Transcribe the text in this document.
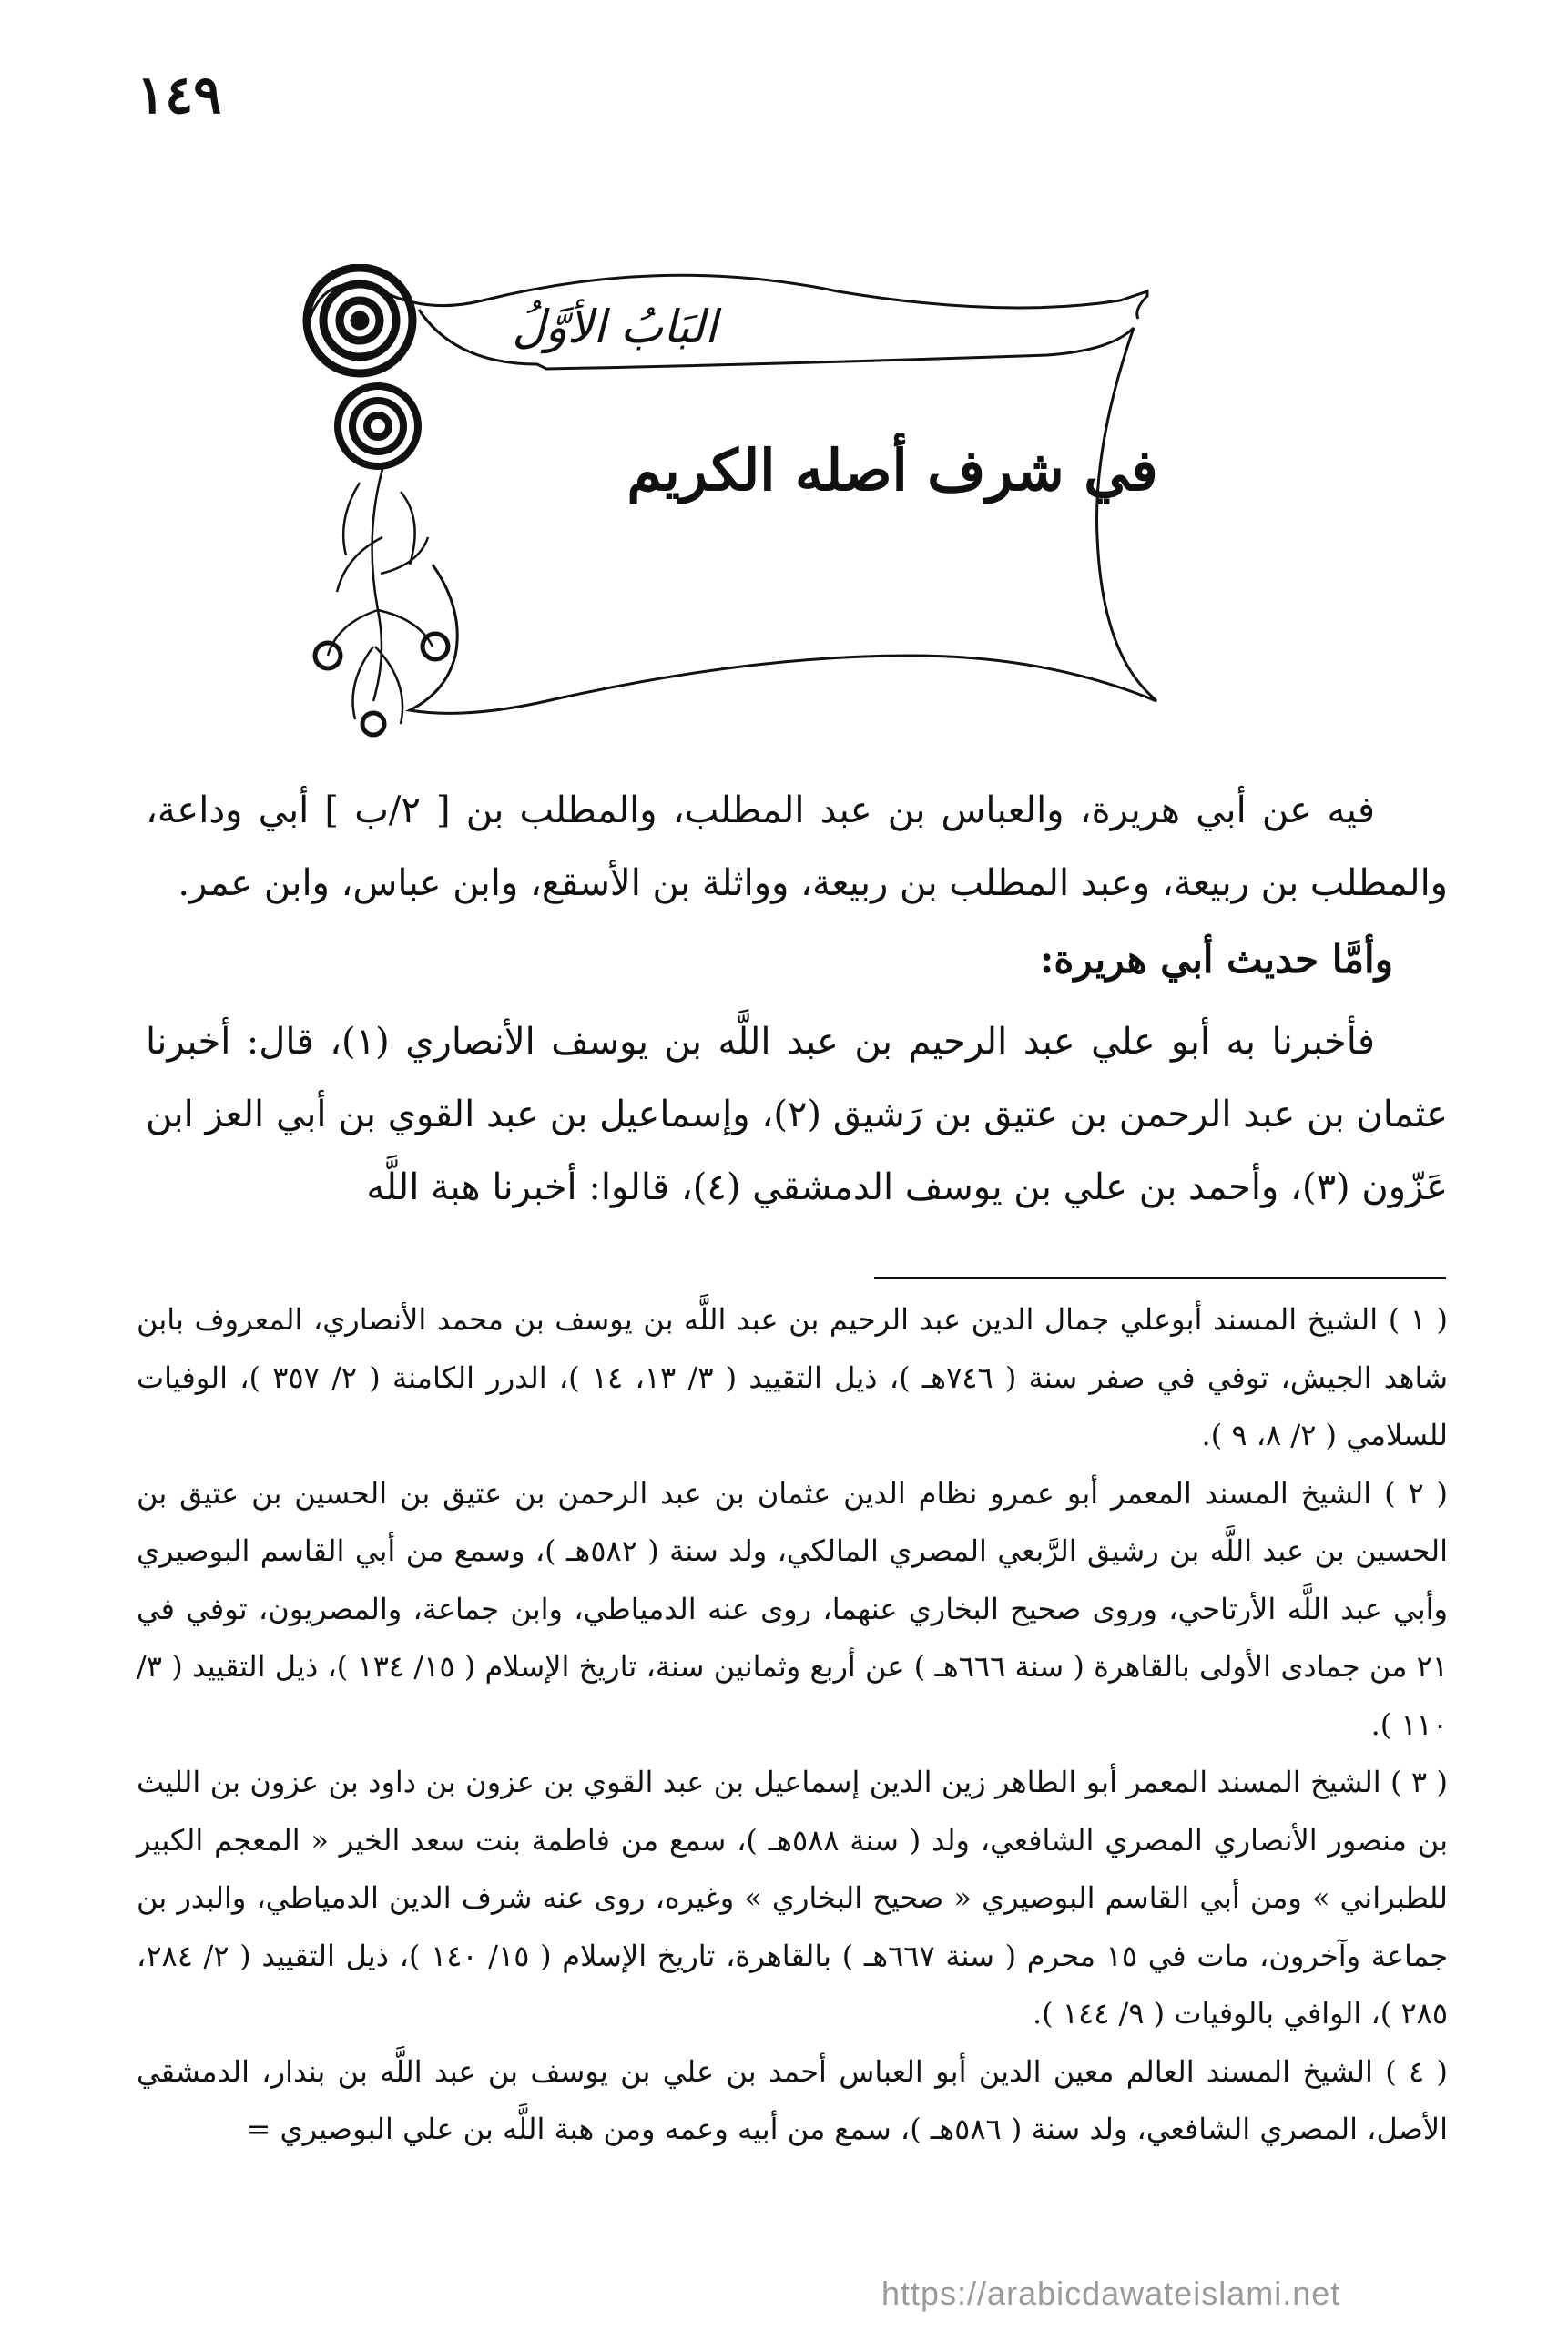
١٤٩
البَابُ الأوَّلُ
في شرف أصله الكريم

فيه عن أبي هريرة، والعباس بن عبد المطلب، والمطلب بن [ ٢/ب ] أبي وداعة، والمطلب بن ربيعة، وعبد المطلب بن ربيعة، وواثلة بن الأسقع، وابن عباس، وابن عمر.

وأمَّا حديث أبي هريرة:

فأخبرنا به أبو علي عبد الرحيم بن عبد اللَّه بن يوسف الأنصاري (١)، قال: أخبرنا عثمان بن عبد الرحمن بن عتيق بن رَشيق (٢)، وإسماعيل بن عبد القوي بن أبي العز ابن عَزّون (٣)، وأحمد بن علي بن يوسف الدمشقي (٤)، قالوا: أخبرنا هبة اللَّه

( ١ ) الشيخ المسند أبوعلي جمال الدين عبد الرحيم بن عبد اللَّه بن يوسف بن محمد الأنصاري، المعروف بابن شاهد الجيش، توفي في صفر سنة ( ٧٤٦هـ )، ذيل التقييد ( ٣/ ١٣، ١٤ )، الدرر الكامنة ( ٢/ ٣٥٧ )، الوفيات للسلامي ( ٢/ ٨، ٩ ).

( ٢ ) الشيخ المسند المعمر أبو عمرو نظام الدين عثمان بن عبد الرحمن بن عتيق بن الحسين بن عتيق بن الحسين بن عبد اللَّه بن رشيق الرَّبعي المصري المالكي، ولد سنة ( ٥٨٢هـ )، وسمع من أبي القاسم البوصيري وأبي عبد اللَّه الأرتاحي، وروى صحيح البخاري عنهما، روى عنه الدمياطي، وابن جماعة، والمصريون، توفي في ٢١ من جمادى الأولى بالقاهرة ( سنة ٦٦٦هـ ) عن أربع وثمانين سنة، تاريخ الإسلام ( ١٥/ ١٣٤ )، ذيل التقييد ( ٣/ ١١٠ ).

( ٣ ) الشيخ المسند المعمر أبو الطاهر زين الدين إسماعيل بن عبد القوي بن عزون بن داود بن عزون بن الليث بن منصور الأنصاري المصري الشافعي، ولد ( سنة ٥٨٨هـ )، سمع من فاطمة بنت سعد الخير « المعجم الكبير للطبراني » ومن أبي القاسم البوصيري « صحيح البخاري » وغيره، روى عنه شرف الدين الدمياطي، والبدر بن جماعة وآخرون، مات في ١٥ محرم ( سنة ٦٦٧هـ ) بالقاهرة، تاريخ الإسلام ( ١٥/ ١٤٠ )، ذيل التقييد ( ٢/ ٢٨٤، ٢٨٥ )، الوافي بالوفيات ( ٩/ ١٤٤ ).

( ٤ ) الشيخ المسند العالم معين الدين أبو العباس أحمد بن علي بن يوسف بن عبد اللَّه بن بندار، الدمشقي الأصل، المصري الشافعي، ولد سنة ( ٥٨٦هـ )، سمع من أبيه وعمه ومن هبة اللَّه بن علي البوصيري =

https://arabicdawateislami.net
